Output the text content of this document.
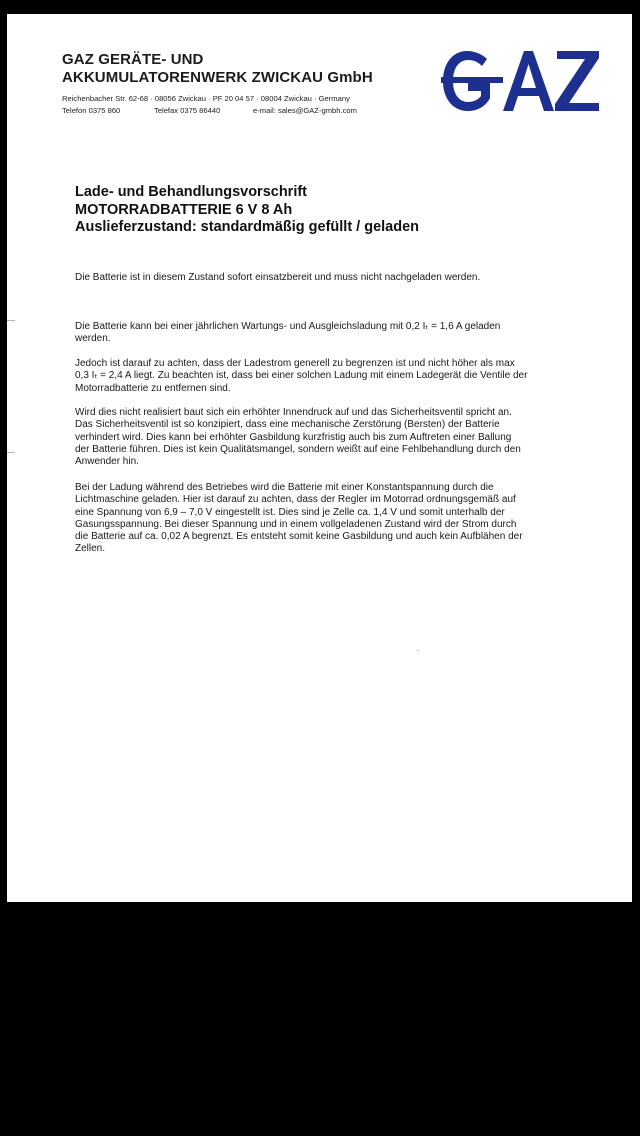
GAZ GERÄTE- UND
AKKUMULATORENWERK ZWICKAU GmbH
Reichenbacher Str. 62-68 · 08056 Zwickau · PF 20 04 57 · 08004 Zwickau · Germany
Telefon 0375 860	Telefax 0375 86440	e-mail: sales@GAZ-gmbh.com
Lade- und Behandlungsvorschrift
MOTORRADBATTERIE 6 V 8 Ah
Auslieferzustand: standardmäßig gefüllt / geladen
Die Batterie ist in diesem Zustand sofort einsatzbereit und muss nicht nachgeladen werden.
Die Batterie kann bei einer jährlichen Wartungs- und Ausgleichsladung mit 0,2 Iₜ = 1,6 A geladen
werden.
Jedoch ist darauf zu achten, dass der Ladestrom generell zu begrenzen ist und nicht höher als max
0,3 Iₜ = 2,4 A liegt. Zu beachten ist, dass bei einer solchen Ladung mit einem Ladegerät die Ventile der
Motorradbatterie zu entfernen sind.
Wird dies nicht realisiert baut sich ein erhöhter Innendruck auf und das Sicherheitsventil spricht an.
Das Sicherheitsventil ist so konzipiert, dass eine mechanische Zerstörung (Bersten) der Batterie
verhindert wird. Dies kann bei erhöhter Gasbildung kurzfristig auch bis zum Auftreten einer Ballung
der Batterie führen. Dies ist kein Qualitätsmangel, sondern weißt auf eine Fehlbehandlung durch den
Anwender hin.
Bei der Ladung während des Betriebes wird die Batterie mit einer Konstantspannung durch die
Lichtmaschine geladen. Hier ist darauf zu achten, dass der Regler im Motorrad ordnungsgemäß auf
eine Spannung von 6,9 – 7,0 V eingestellt ist. Dies sind je Zelle ca. 1,4 V und somit unterhalb der
Gasungsspannung. Bei dieser Spannung und in einem vollgeladenen Zustand wird der Strom durch
die Batterie auf ca. 0,02 A begrenzt. Es entsteht somit keine Gasbildung und auch kein Aufblähen der
Zellen.
